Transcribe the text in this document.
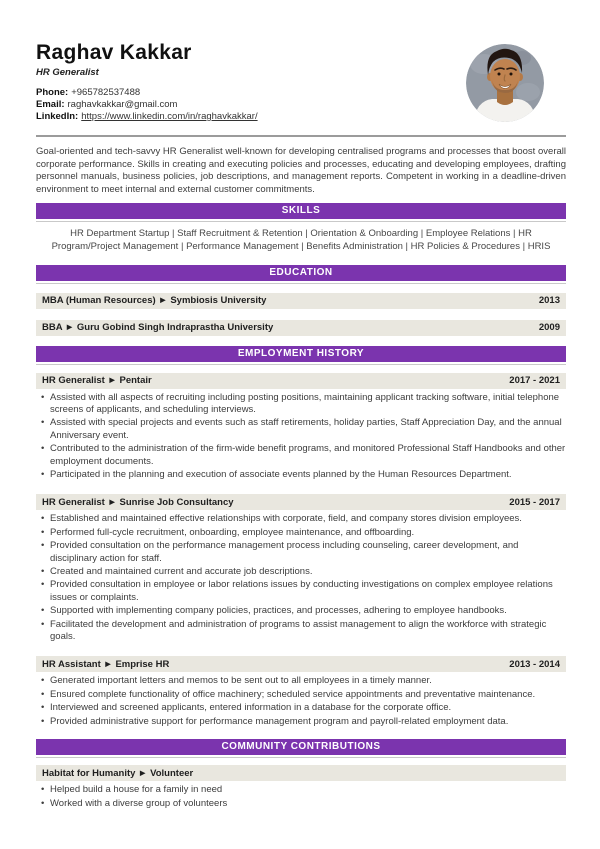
Raghav Kakkar
HR Generalist
Phone: +965782537488
Email: raghavkakkar@gmail.com
LinkedIn: https://www.linkedin.com/in/raghavkakkar/

Goal-oriented and tech-savvy HR Generalist well-known for developing centralised programs and processes that boost overall corporate performance. Skills in creating and executing policies and processes, educating and developing employees, drafting personnel manuals, business policies, job descriptions, and management reports. Competent in working in a deadline-driven environment to meet internal and external customer commitments.

SKILLS

HR Department Startup | Staff Recruitment & Retention | Orientation & Onboarding | Employee Relations | HR Program/Project Management | Performance Management | Benefits Administration | HR Policies & Procedures | HRIS

EDUCATION
MBA (Human Resources) ► Symbiosis University	2013
BBA ► Guru Gobind Singh Indraprastha University	2009
EMPLOYMENT HISTORY
HR Generalist ► Pentair	2017 - 2021
• Assisted with all aspects of recruiting including posting positions, maintaining applicant tracking software, initial telephone screens of applicants, and scheduling interviews.
• Assisted with special projects and events such as staff retirements, holiday parties, Staff Appreciation Day, and the annual Anniversary event.
• Contributed to the administration of the firm-wide benefit programs, and monitored Professional Staff Handbooks and other employment documents.
• Participated in the planning and execution of associate events planned by the Human Resources Department.
HR Generalist ► Sunrise Job Consultancy	2015 - 2017
• Established and maintained effective relationships with corporate, field, and company stores division employees.
• Performed full-cycle recruitment, onboarding, employee maintenance, and offboarding.
• Provided consultation on the performance management process including counseling, career development, and disciplinary action for staff.
• Created and maintained current and accurate job descriptions.
• Provided consultation in employee or labor relations issues by conducting investigations on complex employee relations issues or complaints.
• Supported with implementing company policies, practices, and processes, adhering to employee handbooks.
• Facilitated the development and administration of programs to assist management to align the workforce with strategic goals.
HR Assistant ► Emprise HR	2013 - 2014
• Generated important letters and memos to be sent out to all employees in a timely manner.
• Ensured complete functionality of office machinery; scheduled service appointments and preventative maintenance.
• Interviewed and screened applicants, entered information in a database for the corporate office.
• Provided administrative support for performance management program and payroll-related employment data.
COMMUNITY CONTRIBUTIONS
Habitat for Humanity ► Volunteer
• Helped build a house for a family in need
• Worked with a diverse group of volunteers
